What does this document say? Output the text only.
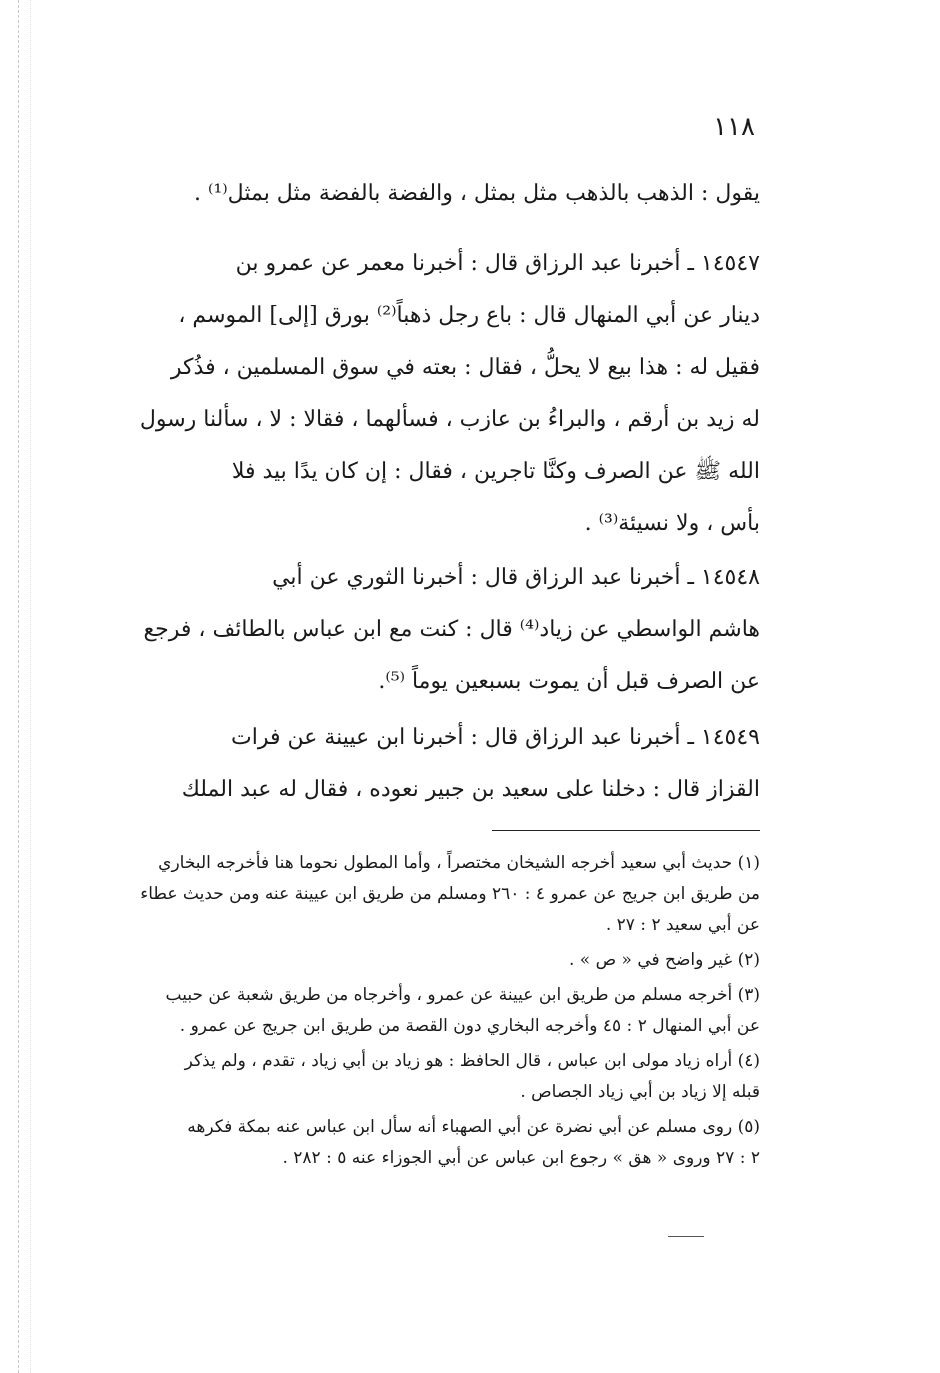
١١٨
يقول : الذهب بالذهب مثل بمثل ، والفضة بالفضة مثل بمثل⁽¹⁾ .
١٤٥٤٧ ـ أخبرنا عبد الرزاق قال : أخبرنا معمر عن عمرو بن
دينار عن أبي المنهال قال : باع رجل ذهباً⁽²⁾ بورق [إلى] الموسم ،
فقيل له : هذا بيع لا يحلُّ ، فقال : بعته في سوق المسلمين ، فذُكر
له زيد بن أرقم ، والبراءُ بن عازب ، فسألهما ، فقالا : لا ، سألنا رسول
الله ﷺ عن الصرف وكنَّا تاجرين ، فقال : إن كان يدًا بيد فلا
بأس ، ولا نسيئة⁽³⁾ .
١٤٥٤٨ ـ أخبرنا عبد الرزاق قال : أخبرنا الثوري عن أبي
هاشم الواسطي عن زياد⁽⁴⁾ قال : كنت مع ابن عباس بالطائف ، فرجع
عن الصرف قبل أن يموت بسبعين يوماً ⁽⁵⁾.
١٤٥٤٩ ـ أخبرنا عبد الرزاق قال : أخبرنا ابن عيينة عن فرات
القزاز قال : دخلنا على سعيد بن جبير نعوده ، فقال له عبد الملك
(١) حديث أبي سعيد أخرجه الشيخان مختصراً ، وأما المطول نحوما هنا فأخرجه البخاري
من طريق ابن جريج عن عمرو ٤ : ٢٦٠ ومسلم من طريق ابن عيينة عنه ومن حديث عطاء
عن أبي سعيد ٢ : ٢٧ .
(٢) غير واضح في « ص » .
(٣) أخرجه مسلم من طريق ابن عيينة عن عمرو ، وأخرجاه من طريق شعبة عن حبيب
عن أبي المنهال ٢ : ٤٥ وأخرجه البخاري دون القصة من طريق ابن جريج عن عمرو .
(٤) أراه زياد مولى ابن عباس ، قال الحافظ : هو زياد بن أبي زياد ، تقدم ، ولم يذكر
قبله إلا زياد بن أبي زياد الجصاص .
(٥) روى مسلم عن أبي نضرة عن أبي الصهباء أنه سأل ابن عباس عنه بمكة فكرهه
٢ : ٢٧ وروى « هق » رجوع ابن عباس عن أبي الجوزاء عنه ٥ : ٢٨٢ .
